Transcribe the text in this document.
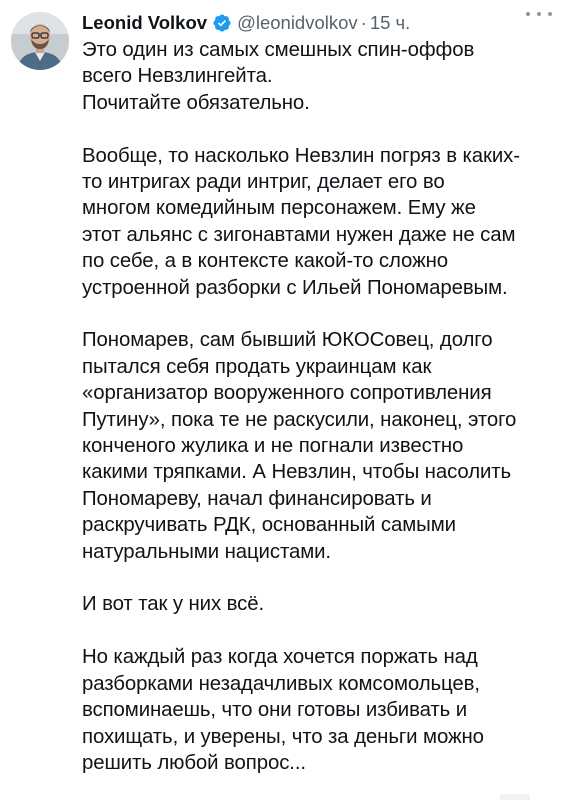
Leonid Volkov @leonidvolkov · 15 ч.
Это один из самых смешных спин-оффов
всего Невзлингейта.
Почитайте обязательно.
Вообще, то насколько Невзлин погряз в каких-
то интригах ради интриг, делает его во
многом комедийным персонажем. Ему же
этот альянс с зигонавтами нужен даже не сам
по себе, а в контексте какой-то сложно
устроенной разборки с Ильей Пономаревым.
Пономарев, сам бывший ЮКОСовец, долго
пытался себя продать украинцам как
«организатор вооруженного сопротивления
Путину», пока те не раскусили, наконец, этого
конченого жулика и не погнали известно
какими тряпками. А Невзлин, чтобы насолить
Пономареву, начал финансировать и
раскручивать РДК, основанный самыми
натуральными нацистами.
И вот так у них всё.
Но каждый раз когда хочется поржать над
разборками незадачливых комсомольцев,
вспоминаешь, что они готовы избивать и
похищать, и уверены, что за деньги можно
решить любой вопрос...
